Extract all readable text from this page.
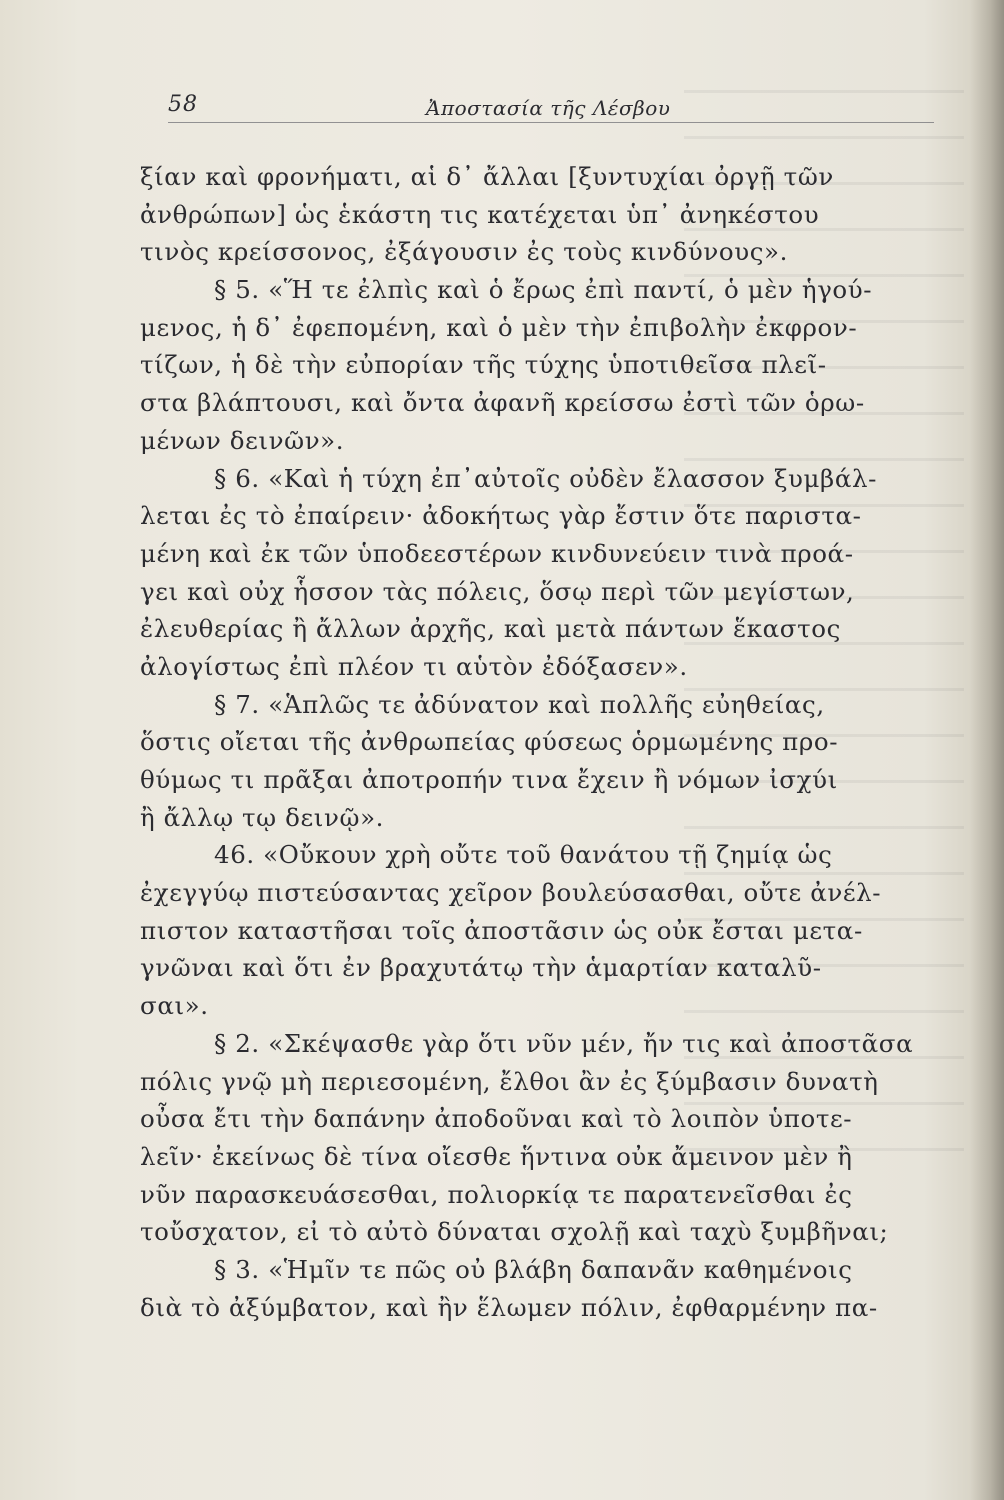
58	Ἀποστασία τῆς Λέσβου
ξίαν καὶ φρονήματι, αἱ δ᾽ ἄλλαι [ξυντυχίαι ὀργῇ τῶν
ἀνθρώπων] ὡς ἑκάστη τις κατέχεται ὑπ᾽ ἀνηκέστου
τινὸς κρείσσονος, ἐξάγουσιν ἐς τοὺς κινδύνους».
§ 5. «Ἥ τε ἐλπὶς καὶ ὁ ἔρως ἐπὶ παντί, ὁ μὲν ἡγού-
μενος, ἡ δ᾽ ἐφεπομένη, καὶ ὁ μὲν τὴν ἐπιβολὴν ἐκφρον-
τίζων, ἡ δὲ τὴν εὐπορίαν τῆς τύχης ὑποτιθεῖσα πλεῖ-
στα βλάπτουσι, καὶ ὄντα ἀφανῆ κρείσσω ἐστὶ τῶν ὁρω-
μένων δεινῶν».
§ 6. «Καὶ ἡ τύχη ἐπ᾽αὐτοῖς οὐδὲν ἔλασσον ξυμβάλ-
λεται ἐς τὸ ἐπαίρειν· ἀδοκήτως γὰρ ἔστιν ὅτε παριστα-
μένη καὶ ἐκ τῶν ὑποδεεστέρων κινδυνεύειν τινὰ προά-
γει καὶ οὐχ ἧσσον τὰς πόλεις, ὅσῳ περὶ τῶν μεγίστων,
ἐλευθερίας ἢ ἄλλων ἀρχῆς, καὶ μετὰ πάντων ἕκαστος
ἀλογίστως ἐπὶ πλέον τι αὑτὸν ἐδόξασεν».
§ 7. «Ἁπλῶς τε ἀδύνατον καὶ πολλῆς εὐηθείας,
ὅστις οἴεται τῆς ἀνθρωπείας φύσεως ὁρμωμένης προ-
θύμως τι πρᾶξαι ἀποτροπήν τινα ἔχειν ἢ νόμων ἰσχύι
ἢ ἄλλῳ τῳ δεινῷ».
46. «Οὔκουν χρὴ οὔτε τοῦ θανάτου τῇ ζημίᾳ ὡς
ἐχεγγύῳ πιστεύσαντας χεῖρον βουλεύσασθαι, οὔτε ἀνέλ-
πιστον καταστῆσαι τοῖς ἀποστᾶσιν ὡς οὐκ ἔσται μετα-
γνῶναι καὶ ὅτι ἐν βραχυτάτῳ τὴν ἁμαρτίαν καταλῦ-
σαι».
§ 2. «Σκέψασθε γὰρ ὅτι νῦν μέν, ἤν τις καὶ ἀποστᾶσα
πόλις γνῷ μὴ περιεσομένη, ἔλθοι ἂν ἐς ξύμβασιν δυνατὴ
οὖσα ἔτι τὴν δαπάνην ἀποδοῦναι καὶ τὸ λοιπὸν ὑποτε-
λεῖν· ἐκείνως δὲ τίνα οἴεσθε ἥντινα οὐκ ἄμεινον μὲν ἢ
νῦν παρασκευάσεσθαι, πολιορκίᾳ τε παρατενεῖσθαι ἐς
τοὔσχατον, εἰ τὸ αὐτὸ δύναται σχολῇ καὶ ταχὺ ξυμβῆναι;
§ 3. «Ἡμῖν τε πῶς οὐ βλάβη δαπανᾶν καθημένοις
διὰ τὸ ἀξύμβατον, καὶ ἢν ἕλωμεν πόλιν, ἐφθαρμένην πα-
